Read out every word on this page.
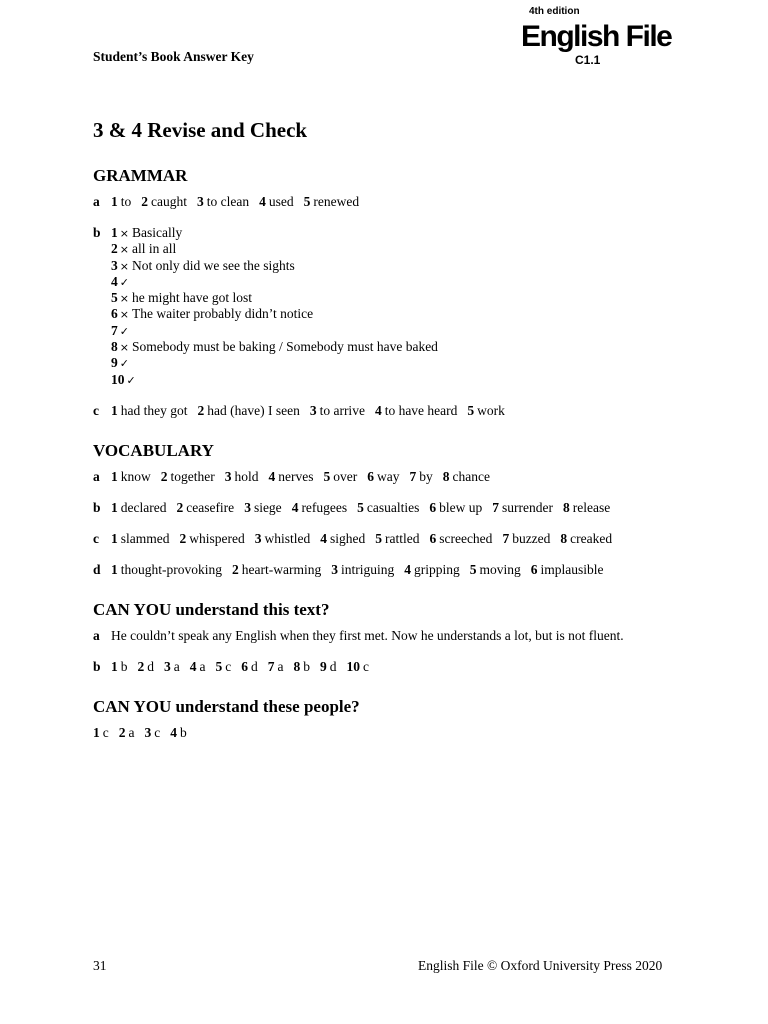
Student’s Book Answer Key
4th edition
English File
C1.1
3 & 4 Revise and Check
GRAMMAR
a 1 to 2 caught 3 to clean 4 used 5 renewed
b 1 × Basically
2 × all in all
3 × Not only did we see the sights
4 ✓
5 × he might have got lost
6 × The waiter probably didn’t notice
7 ✓
8 × Somebody must be baking / Somebody must have baked
9 ✓
10 ✓
c 1 had they got 2 had (have) I seen 3 to arrive 4 to have heard 5 work
VOCABULARY
a 1 know 2 together 3 hold 4 nerves 5 over 6 way 7 by 8 chance
b 1 declared 2 ceasefire 3 siege 4 refugees 5 casualties 6 blew up 7 surrender 8 release
c 1 slammed 2 whispered 3 whistled 4 sighed 5 rattled 6 screeched 7 buzzed 8 creaked
d 1 thought-provoking 2 heart-warming 3 intriguing 4 gripping 5 moving 6 implausible
CAN YOU understand this text?
a He couldn’t speak any English when they first met. Now he understands a lot, but is not fluent.
b 1 b 2 d 3 a 4 a 5 c 6 d 7 a 8 b 9 d 10 c
CAN YOU understand these people?
1 c 2 a 3 c 4 b
31	English File © Oxford University Press 2020
